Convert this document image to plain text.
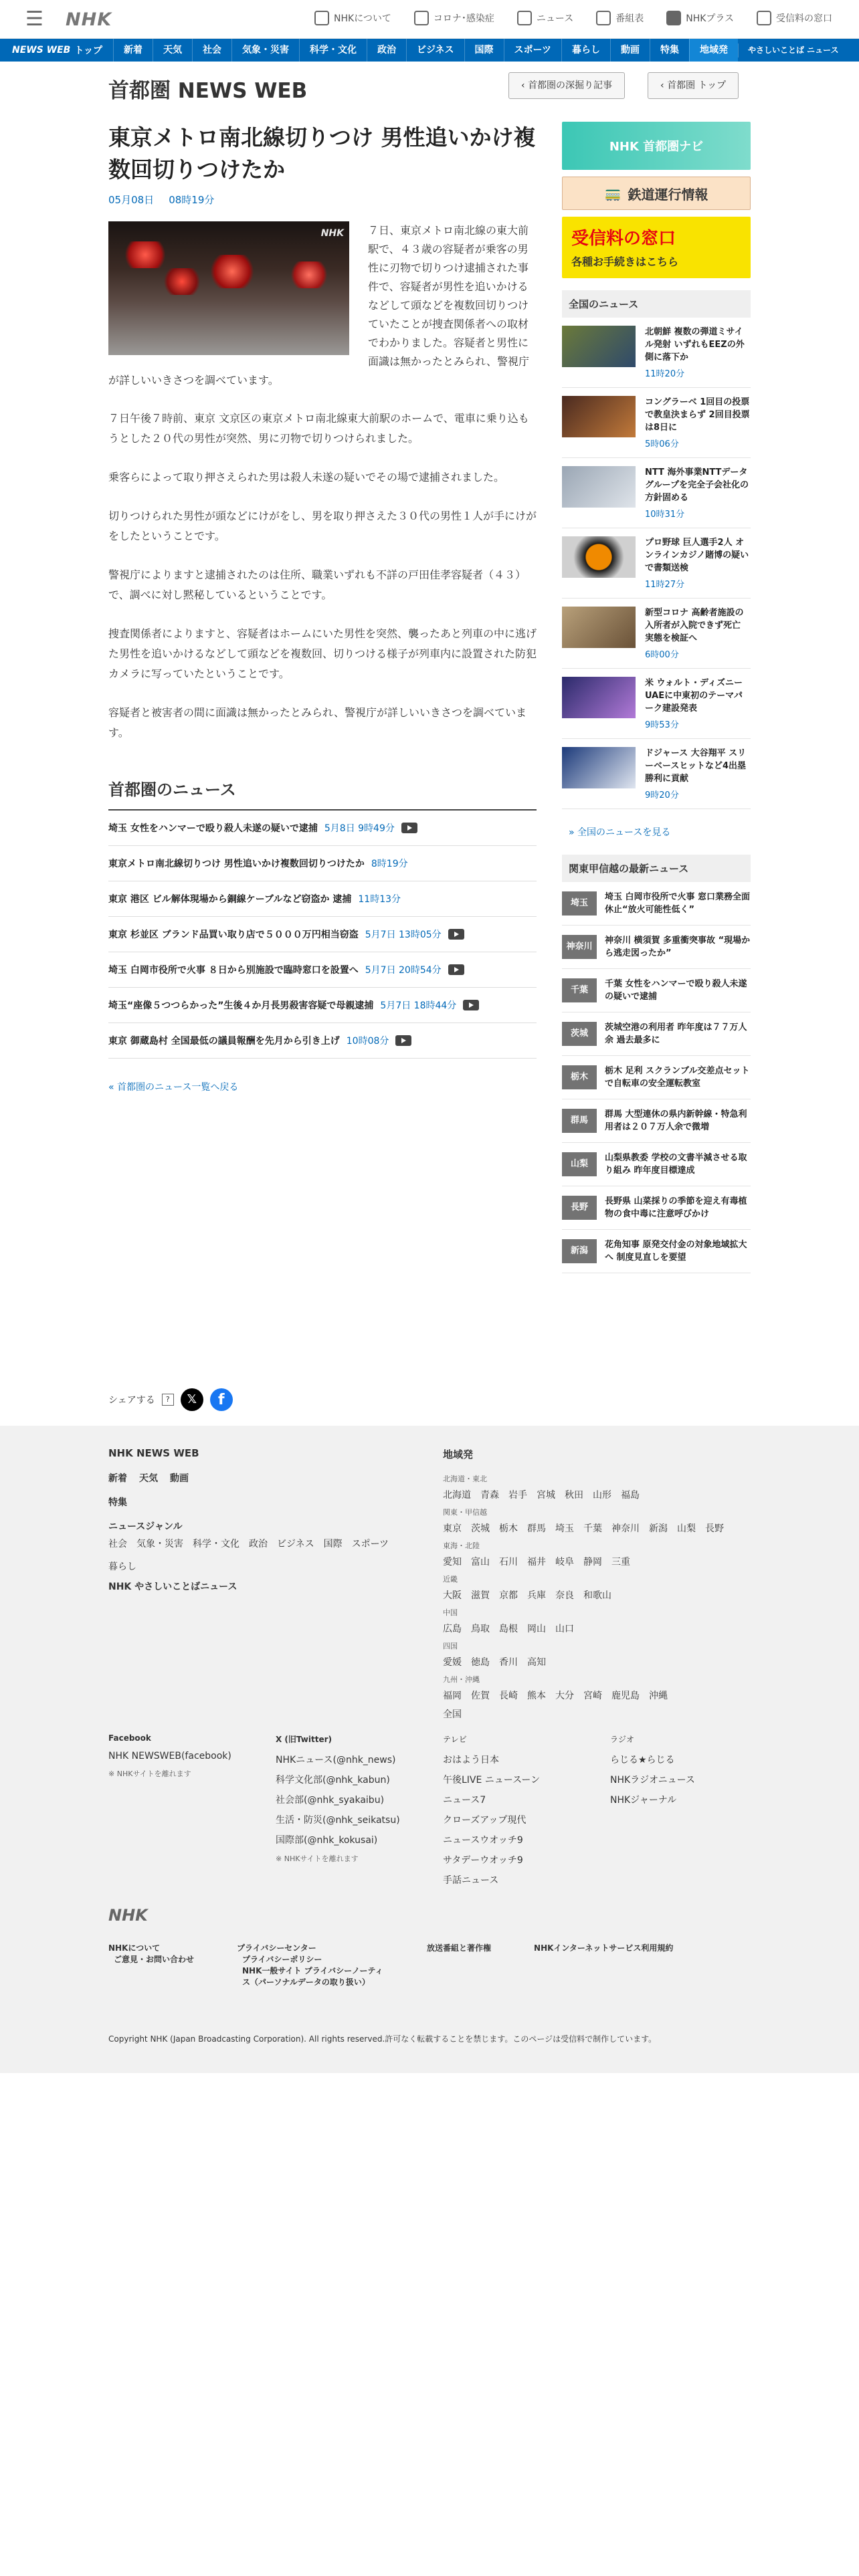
☰ NHK	NHKについて	コロナ･感染症	ニュース	番組表	NHKプラス	受信料の窓口
NEWS WEB トップ	新着	天気	社会	気象・災害	科学・文化	政治	ビジネス	国際	スポーツ	暮らし	動画	特集	地域発	やさしいことば ニュース
首都圏 NEWS WEB	‹ 首都圏の深掘り記事	‹ 首都圏 トップ
東京メトロ南北線切りつけ 男性追いかけ複数回切りつけたか
05月08日 08時19分
NHK ７日、東京メトロ南北線の東大前駅で、４３歳の容疑者が乗客の男性に刃物で切りつけ逮捕された事件で、容疑者が男性を追いかけるなどして頭などを複数回切りつけていたことが捜査関係者への取材でわかりました。容疑者と男性に面識は無かったとみられ、警視庁が詳しいいきさつを調べています。

７日午後７時前、東京 文京区の東京メトロ南北線東大前駅のホームで、電車に乗り込もうとした２０代の男性が突然、男に刃物で切りつけられました。

乗客らによって取り押さえられた男は殺人未遂の疑いでその場で逮捕されました。

切りつけられた男性が頭などにけがをし、男を取り押さえた３０代の男性１人が手にけがをしたということです。

警視庁によりますと逮捕されたのは住所、職業いずれも不詳の戸田佳孝容疑者（４３）で、調べに対し黙秘しているということです。

捜査関係者によりますと、容疑者はホームにいた男性を突然、襲ったあと列車の中に逃げた男性を追いかけるなどして頭などを複数回、切りつける様子が列車内に設置された防犯カメラに写っていたということです。

容疑者と被害者の間に面識は無かったとみられ、警視庁が詳しいいきさつを調べています。

首都圏のニュース
埼玉 女性をハンマーで殴り殺人未遂の疑いで逮捕 5月8日 9時49分
東京メトロ南北線切りつけ 男性追いかけ複数回切りつけたか 8時19分
東京 港区 ビル解体現場から銅線ケーブルなど窃盗か 逮捕 11時13分
東京 杉並区 ブランド品買い取り店で５０００万円相当窃盗 5月7日 13時05分
埼玉 白岡市役所で火事 ８日から別施設で臨時窓口を設置へ 5月7日 20時54分
埼玉“座像５つつらかった”生後４か月長男殺害容疑で母親逮捕 5月7日 18時44分
東京 御蔵島村 全国最低の議員報酬を先月から引き上げ 10時08分
« 首都圏のニュース一覧へ戻る
シェアする	?	𝕏	f
NHK 首都圏ナビ
🚃 鉄道運行情報
受信料の窓口
各種お手続きはこちら
全国のニュース
北朝鮮 複数の弾道ミサイル発射 いずれもEEZの外側に落下か
11時20分
コングラーベ 1回目の投票で教皇決まらず 2回目投票は8日に
5時06分
NTT 海外事業NTTデータグループを完全子会社化の方針固める
10時31分
プロ野球 巨人選手2人 オンラインカジノ賭博の疑いで書類送検
11時27分
新型コロナ 高齢者施設の入所者が入院できず死亡 実態を検証へ
6時00分
米 ウォルト・ディズニー UAEに中東初のテーマパーク建設発表
9時53分
ドジャース 大谷翔平 スリーベースヒットなど4出塁 勝利に貢献
9時20分
» 全国のニュースを見る
関東甲信越の最新ニュース
埼玉
埼玉 白岡市役所で火事 窓口業務全面休止“放火可能性低く”
神奈川
神奈川 横須賀 多重衝突事故 “現場から逃走図ったか”
千葉
千葉 女性をハンマーで殴り殺人未遂の疑いで逮捕
茨城
茨城空港の利用者 昨年度は７７万人余 過去最多に
栃木
栃木 足利 スクランブル交差点セットで自転車の安全運転教室
群馬
群馬 大型連休の県内新幹線・特急利用者は２０７万人余で微増
山梨
山梨県教委 学校の文書半減させる取り組み 昨年度目標達成
長野
長野県 山菜採りの季節を迎え有毒植物の食中毒に注意呼びかけ
新潟
花角知事 原発交付金の対象地域拡大へ 制度見直しを要望
NHK NEWS WEB
新着 天気 動画
特集
ニュースジャンル
社会 気象・災害 科学・文化 政治 ビジネス 国際 スポーツ
暮らし
NHK やさしいことばニュース
地域発
北海道・東北
北海道 青森 岩手 宮城 秋田 山形 福島
関東・甲信越
東京 茨城 栃木 群馬 埼玉 千葉 神奈川 新潟 山梨 長野
東海・北陸
愛知 富山 石川 福井 岐阜 静岡 三重
近畿
大阪 滋賀 京都 兵庫 奈良 和歌山
中国
広島 鳥取 島根 岡山 山口
四国
愛媛 徳島 香川 高知
九州・沖縄
福岡 佐賀 長崎 熊本 大分 宮崎 鹿児島 沖縄
全国
Facebook
NHK NEWSWEB(facebook)
※ NHKサイトを離れます
X (旧Twitter)
NHKニュース(@nhk_news)
科学文化部(@nhk_kabun)
社会部(@nhk_syakaibu)
生活・防災(@nhk_seikatsu)
国際部(@nhk_kokusai)
※ NHKサイトを離れます
テレビ
おはよう日本
午後LIVE ニュースーン
ニュース7
クローズアップ現代
ニュースウオッチ9
サタデーウオッチ9
手話ニュース
ラジオ
らじる★らじる
NHKラジオニュース
NHKジャーナル
NHK
NHKについて
ご意見・お問い合わせ
プライバシーセンター
プライバシーポリシー
NHK一般サイト プライバシーノーティス（パーソナルデータの取り扱い）
放送番組と著作権	NHKインターネットサービス利用規約
Copyright NHK (Japan Broadcasting Corporation). All rights reserved.許可なく転載することを禁じます。このページは受信料で制作しています。
